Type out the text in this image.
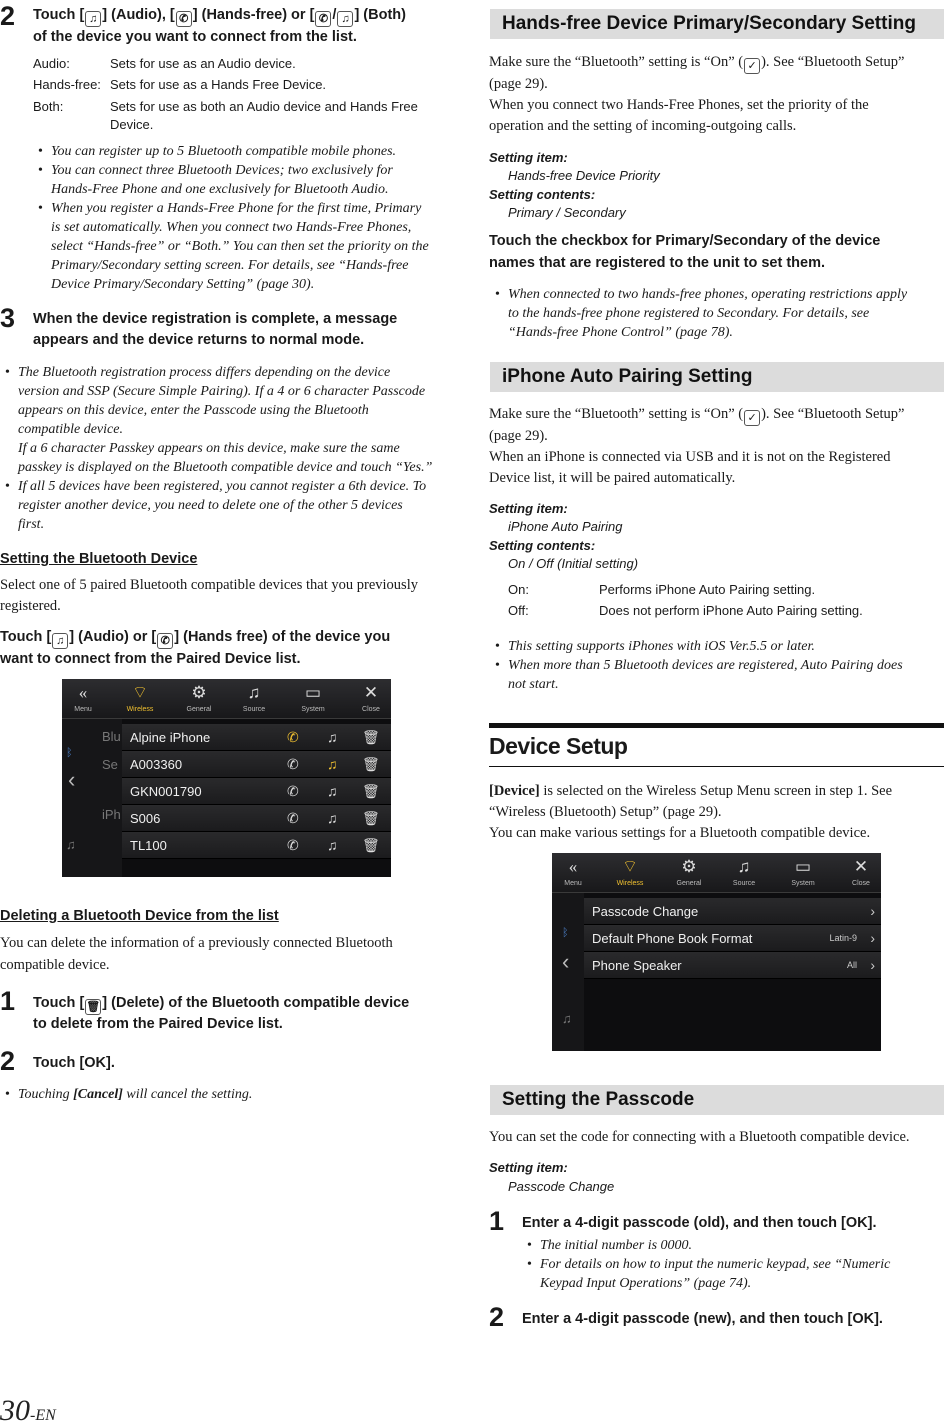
2 Touch [ ♫ ] (Audio), [ ✆ ] (Hands-free) or [ ✆ / ♫ ] (Both)
of the device you want to connect from the list.
Audio:	Sets for use as an Audio device.
Hands-free: Sets for use as a Hands Free Device.
Both:	Sets for use as both an Audio device and Hands Free
Device.
• You can register up to 5 Bluetooth compatible mobile phones.
• You can connect three Bluetooth Devices; two exclusively for
Hands-Free Phone and one exclusively for Bluetooth Audio.
• When you register a Hands-Free Phone for the first time, Primary
is set automatically. When you connect two Hands-Free Phones,
select “Hands-free” or “Both.” You can then set the priority on the
Primary/Secondary setting screen. For details, see “Hands-free
Device Primary/Secondary Setting” (page 30).
3 When the device registration is complete, a message
appears and the device returns to normal mode.
• The Bluetooth registration process differs depending on the device
version and SSP (Secure Simple Pairing). If a 4 or 6 character Passcode
appears on this device, enter the Passcode using the Bluetooth
compatible device.
If a 6 character Passkey appears on this device, make sure the same
passkey is displayed on the Bluetooth compatible device and touch “Yes.”
• If all 5 devices have been registered, you cannot register a 6th device. To
register another device, you need to delete one of the other 5 devices
first.
Setting the Bluetooth Device
Select one of 5 paired Bluetooth compatible devices that you previously
registered.
Touch [ ♫ ] (Audio) or [ ✆ ] (Hands free) of the device you
want to connect from the Paired Device list.
«
Menu
⌔
Wireless
⚙
General
♫
Source
▭
System
✕
Close
ᛒ
‹
Blu
Se
iPh
♫
Alpine iPhone	✆ ♫ 🗑
A003360	✆ ♫ 🗑
GKN001790	✆ ♫ 🗑
S006	✆ ♫ 🗑
TL100	✆ ♫ 🗑
Deleting a Bluetooth Device from the list
You can delete the information of a previously connected Bluetooth
compatible device.
1 Touch [ 🗑 ] (Delete) of the Bluetooth compatible device
to delete from the Paired Device list.
2 Touch [OK].
• Touching [Cancel] will cancel the setting.
30-EN
Hands-free Device Primary/Secondary Setting
Make sure the “Bluetooth” setting is “On” ( ✓ ). See “Bluetooth Setup”
(page 29).
When you connect two Hands-Free Phones, set the priority of the
operation and the setting of incoming-outgoing calls.
Setting item:
Hands-free Device Priority
Setting contents:
Primary / Secondary
Touch the checkbox for Primary/Secondary of the device
names that are registered to the unit to set them.
• When connected to two hands-free phones, operating restrictions apply
to the hands-free phone registered to Secondary. For details, see
“Hands-free Phone Control” (page 78).
iPhone Auto Pairing Setting
Make sure the “Bluetooth” setting is “On” ( ✓ ). See “Bluetooth Setup”
(page 29).
When an iPhone is connected via USB and it is not on the Registered
Device list, it will be paired automatically.
Setting item:
iPhone Auto Pairing
Setting contents:
On / Off (Initial setting)
On:	Performs iPhone Auto Pairing setting.
Off:	Does not perform iPhone Auto Pairing setting.
• This setting supports iPhones with iOS Ver.5.5 or later.
• When more than 5 Bluetooth devices are registered, Auto Pairing does
not start.
Device Setup
[Device] is selected on the Wireless Setup Menu screen in step 1. See
“Wireless (Bluetooth) Setup” (page 29).
You can make various settings for a Bluetooth compatible device.
«
Menu
⌔
Wireless
⚙
General
♫
Source
▭
System
✕
Close
ᛒ
‹
♫
Passcode Change	›
Default Phone Book Format	Latin-9 ›
Phone Speaker	All ›
Setting the Passcode
You can set the code for connecting with a Bluetooth compatible device.
Setting item:
Passcode Change
1 Enter a 4-digit passcode (old), and then touch [OK].
• The initial number is 0000.
• For details on how to input the numeric keypad, see “Numeric
Keypad Input Operations” (page 74).
2 Enter a 4-digit passcode (new), and then touch [OK].
